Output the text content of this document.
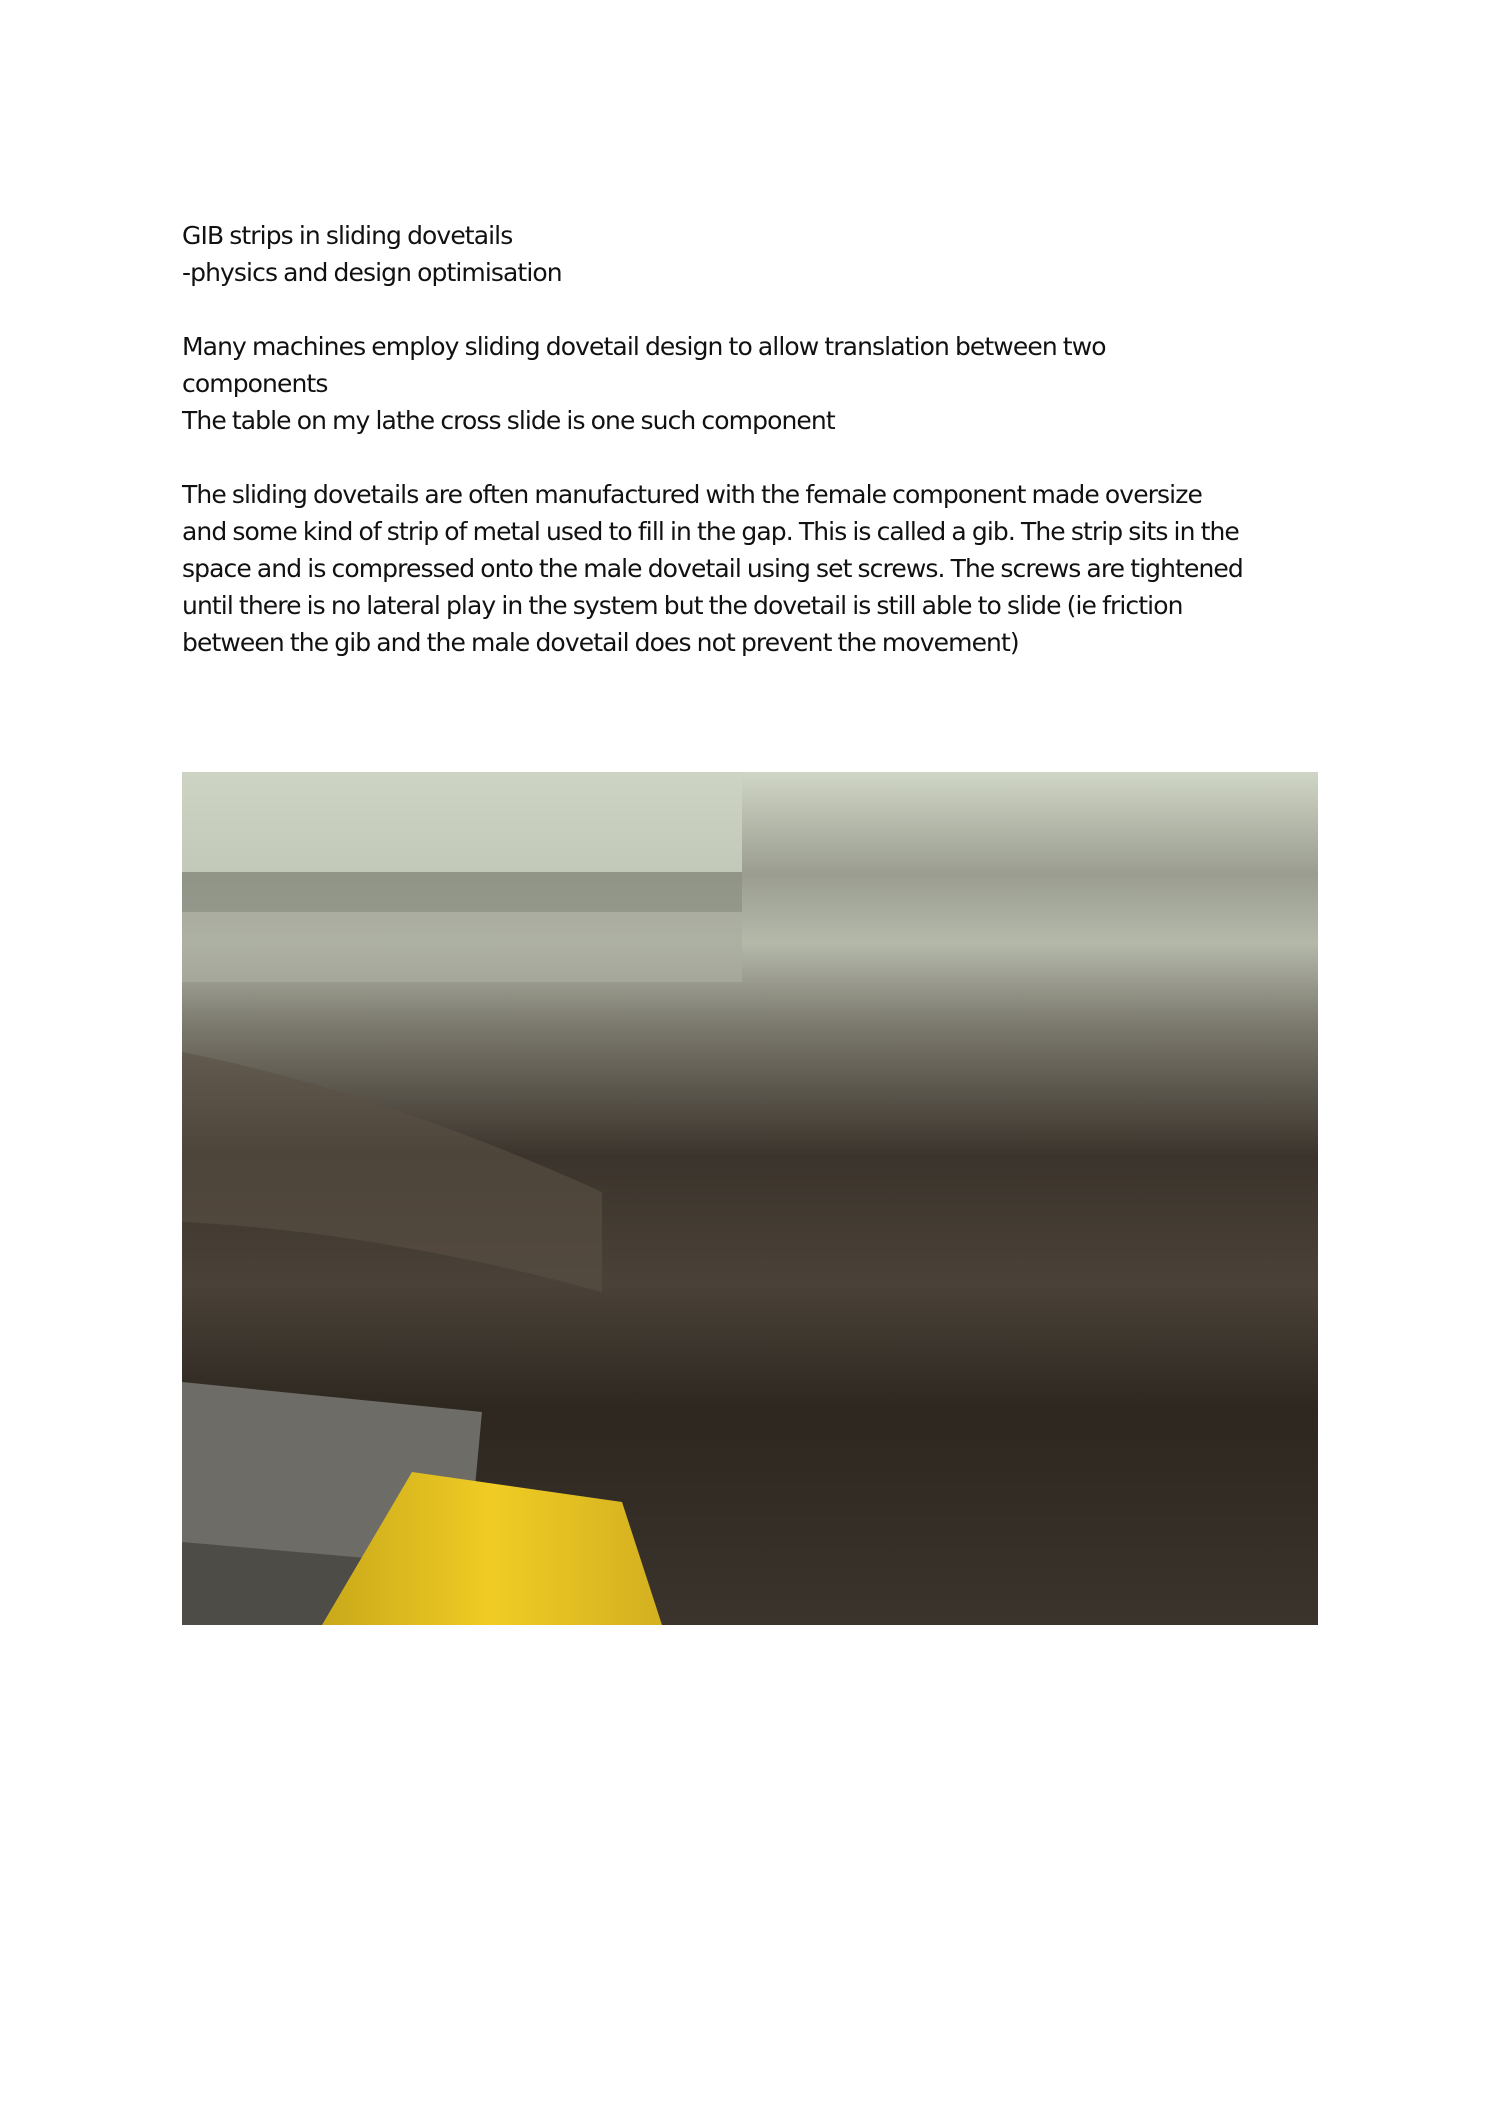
GIB strips in sliding dovetails

-physics and design optimisation

Many machines employ sliding dovetail design to allow translation between two

components

The table on my lathe cross slide is one such component

The sliding dovetails are often manufactured with the female component made oversize

and some kind of strip of metal used to fill in the gap. This is called a gib. The strip sits in the

space and is compressed onto the male dovetail using set screws. The screws are tightened

until there is no lateral play in the system but the dovetail is still able to slide (ie friction

between the gib and the male dovetail does not prevent the movement)
